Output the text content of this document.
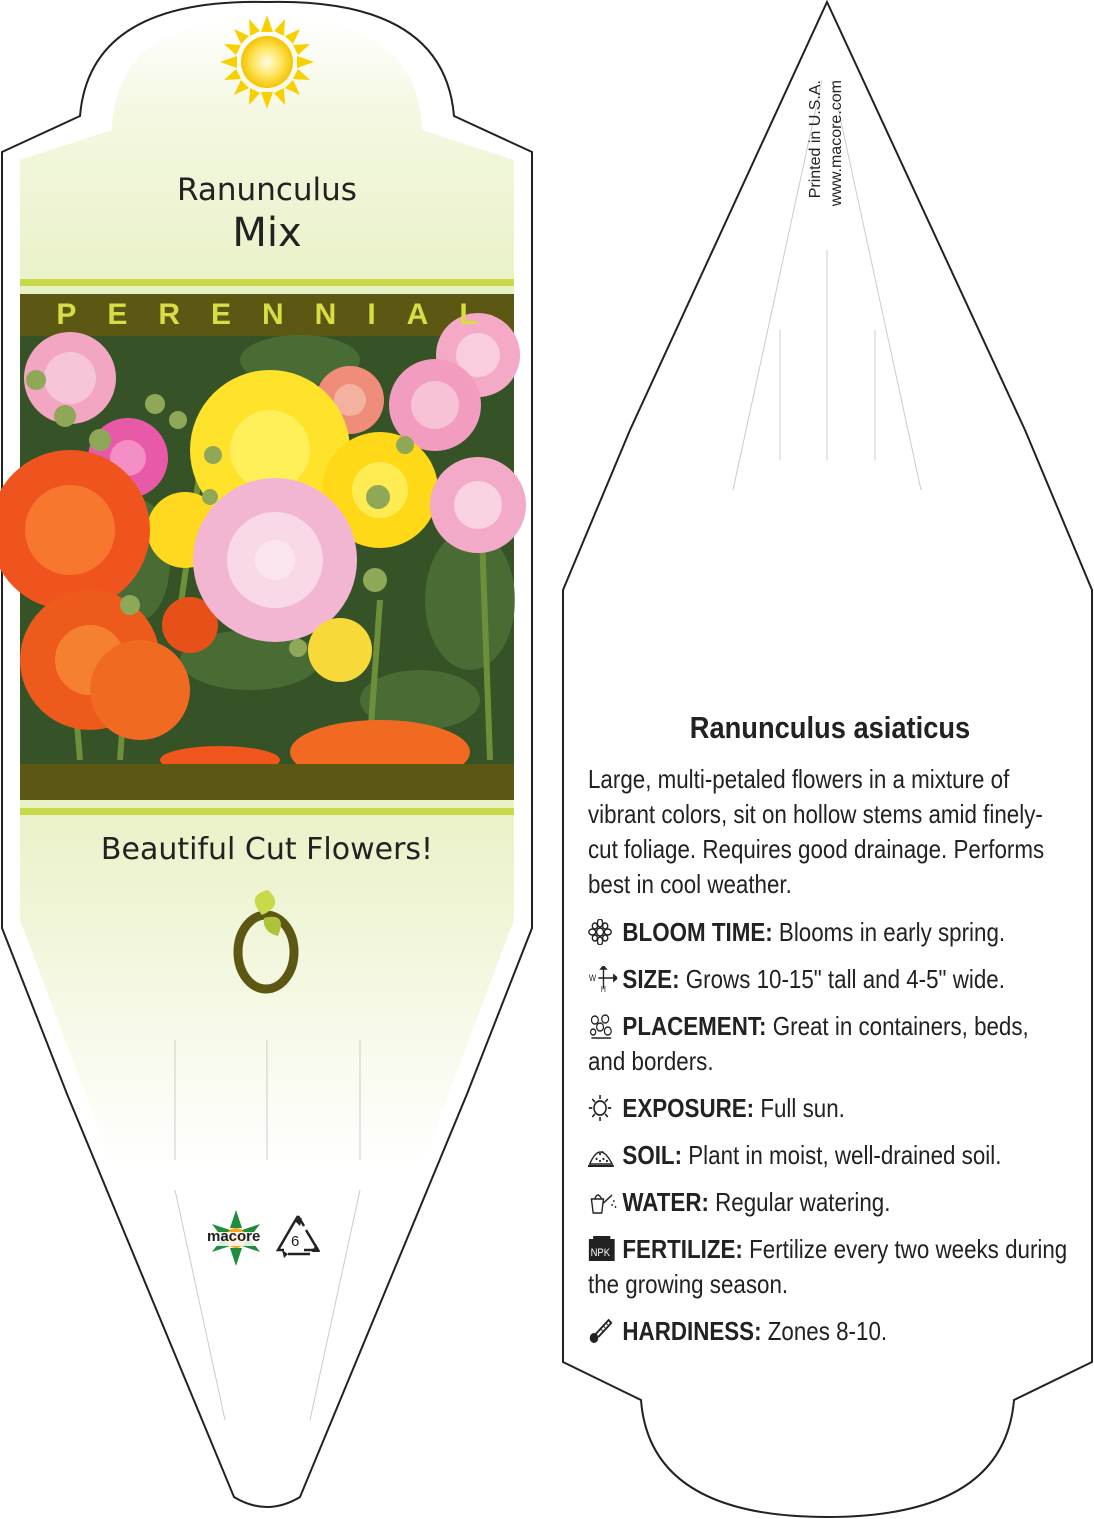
Ranunculus
Mix
PERENNIAL
Beautiful Cut Flowers!
macore 6
Printed in U.S.A. www.macore.com
Ranunculus asiaticus
Large, multi-petaled flowers in a mixture of vibrant colors, sit on hollow stems amid finely-cut foliage. Requires good drainage. Performs best in cool weather.
BLOOM TIME: Blooms in early spring.
W
H SIZE: Grows 10-15" tall and 4-5" wide.
PLACEMENT: Great in containers, beds, and borders.
EXPOSURE: Full sun.
SOIL: Plant in moist, well-drained soil.
WATER: Regular watering.
NPK FERTILIZE: Fertilize every two weeks during the growing season.
HARDINESS: Zones 8-10.
